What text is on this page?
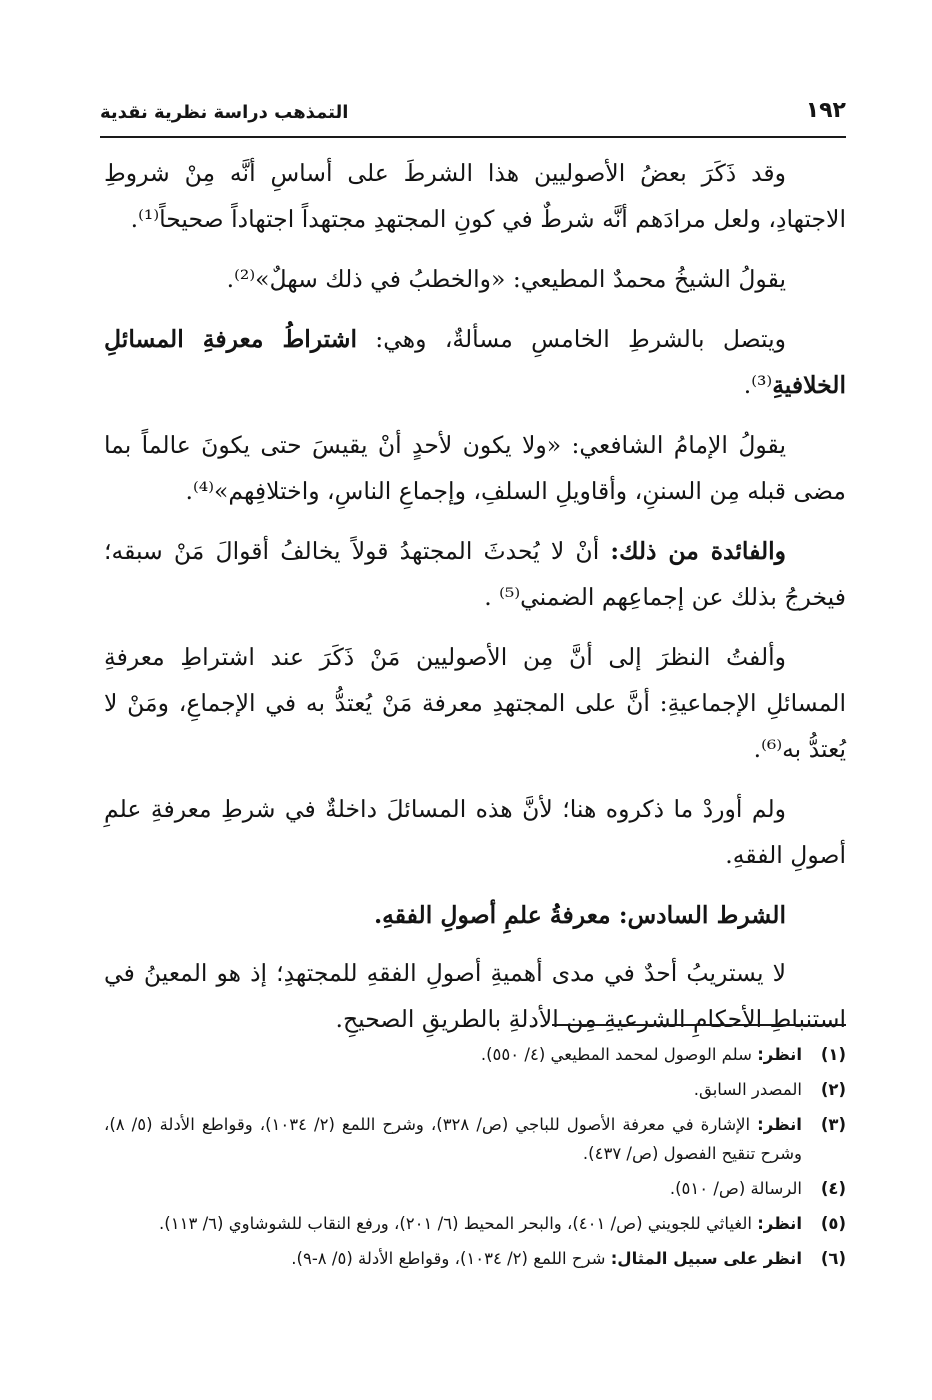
١٩٢
التمذهب دراسة نظرية نقدية

وقد ذَكَرَ بعضُ الأصوليين هذا الشرطَ على أساسِ أنَّه مِنْ شروطِ الاجتهادِ، ولعل مرادَهم أنَّه شرطٌ في كونِ المجتهدِ مجتهداً اجتهاداً صحيحاً⁽¹⁾.

يقولُ الشيخُ محمدٌ المطيعي: «والخطبُ في ذلك سهلٌ»⁽²⁾.

ويتصل بالشرطِ الخامسِ مسألةٌ، وهي: اشتراطُ معرفةِ المسائلِ الخلافيةِ⁽³⁾.

يقولُ الإمامُ الشافعي: «ولا يكون لأحدٍ أنْ يقيسَ حتى يكونَ عالماً بما مضى قبله مِن السننِ، وأقاويلِ السلفِ، وإجماعِ الناسِ، واختلافِهم»⁽⁴⁾.

والفائدة من ذلك: أنْ لا يُحدثَ المجتهدُ قولاً يخالفُ أقوالَ مَنْ سبقه؛ فيخرجُ بذلك عن إجماعِهم الضمني⁽⁵⁾ .

وألفتُ النظرَ إلى أنَّ مِن الأصوليين مَنْ ذَكَرَ عند اشتراطِ معرفةِ المسائلِ الإجماعيةِ: أنَّ على المجتهدِ معرفة مَنْ يُعتدُّ به في الإجماعِ، ومَنْ لا يُعتدُّ به⁽⁶⁾.

ولم أوردْ ما ذكروه هنا؛ لأنَّ هذه المسائلَ داخلةٌ في شرطِ معرفةِ علمِ أصولِ الفقهِ.

الشرط السادس: معرفةُ علمِ أصولِ الفقهِ.

لا يستريبُ أحدٌ في مدى أهميةِ أصولِ الفقهِ للمجتهدِ؛ إذ هو المعينُ في استنباطِ الأحكامِ الشرعيةِ مِن الأدلةِ بالطريقِ الصحيحِ.

(١)
انظر: سلم الوصول لمحمد المطيعي (٤/ ٥٥٠).
(٢)
المصدر السابق.
(٣)
انظر: الإشارة في معرفة الأصول للباجي (ص/ ٣٢٨)، وشرح اللمع (٢/ ١٠٣٤)، وقواطع الأدلة (٥/ ٨)، وشرح تنقيح الفصول (ص/ ٤٣٧).
(٤)
الرسالة (ص/ ٥١٠).
(٥)
انظر: الغياثي للجويني (ص/ ٤٠١)، والبحر المحيط (٦/ ٢٠١)، ورفع النقاب للشوشاوي (٦/ ١١٣).
(٦)
انظر على سبيل المثال: شرح اللمع (٢/ ١٠٣٤)، وقواطع الأدلة (٥/ ٨-٩).
